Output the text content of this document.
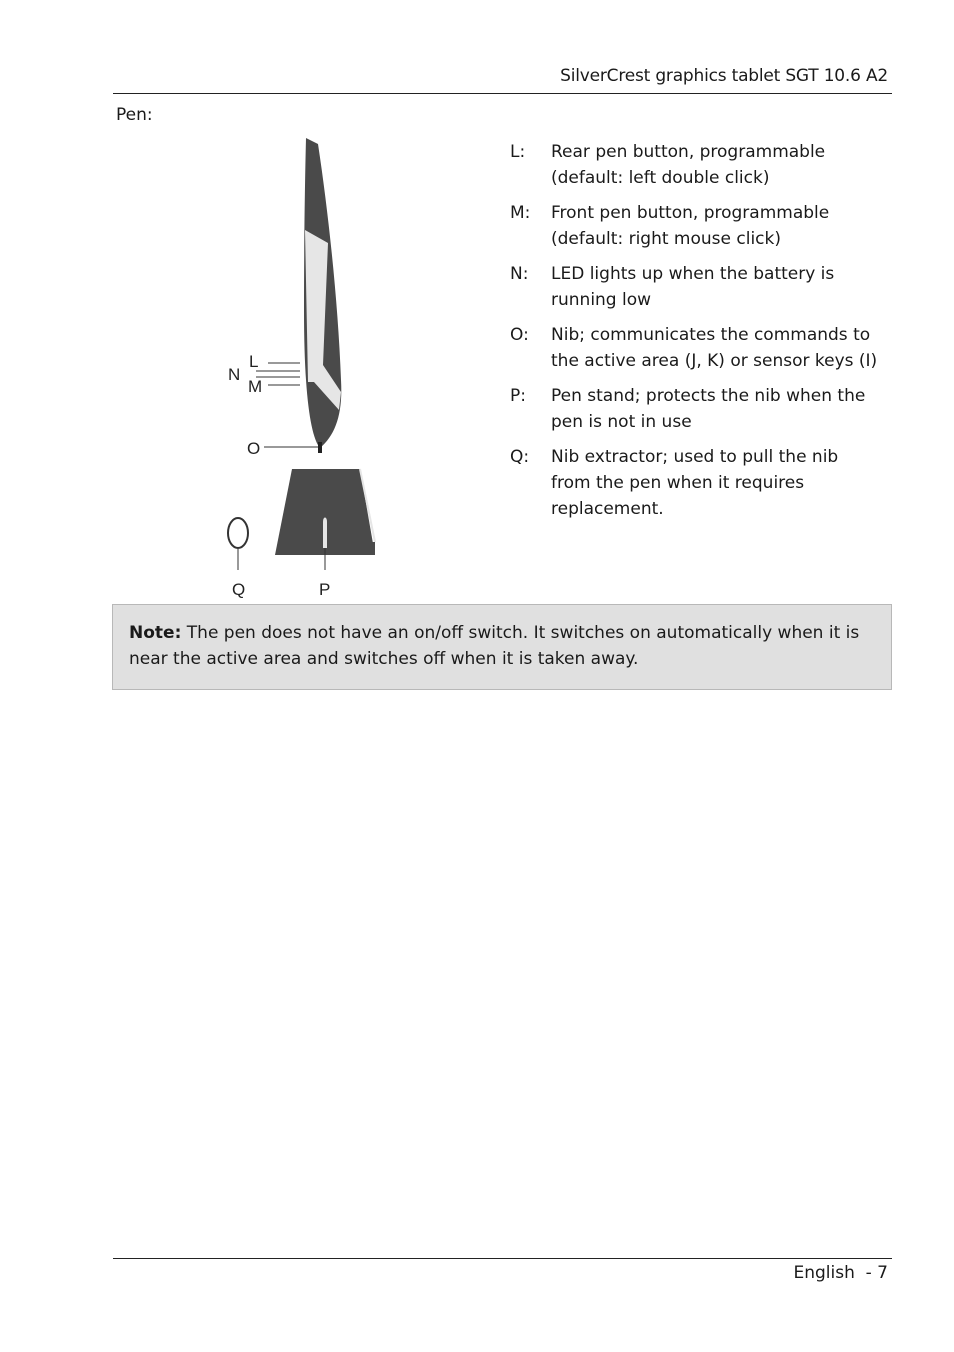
SilverCrest graphics tablet SGT 10.6 A2
Pen:
L
N
M
O
P
Q
L:	Rear pen button, programmable (default: left double click)
M:	Front pen button, programmable (default: right mouse click)
N:	LED lights up when the battery is running low
O:	Nib; communicates the commands to the active area (J, K) or sensor keys (I)
P:	Pen stand; protects the nib when the pen is not in use
Q:	Nib extractor; used to pull the nib from the pen when it requires replacement.

Note: The pen does not have an on/off switch. It switches on automatically when it is near the active area and switches off when it is taken away.

English  - 7
